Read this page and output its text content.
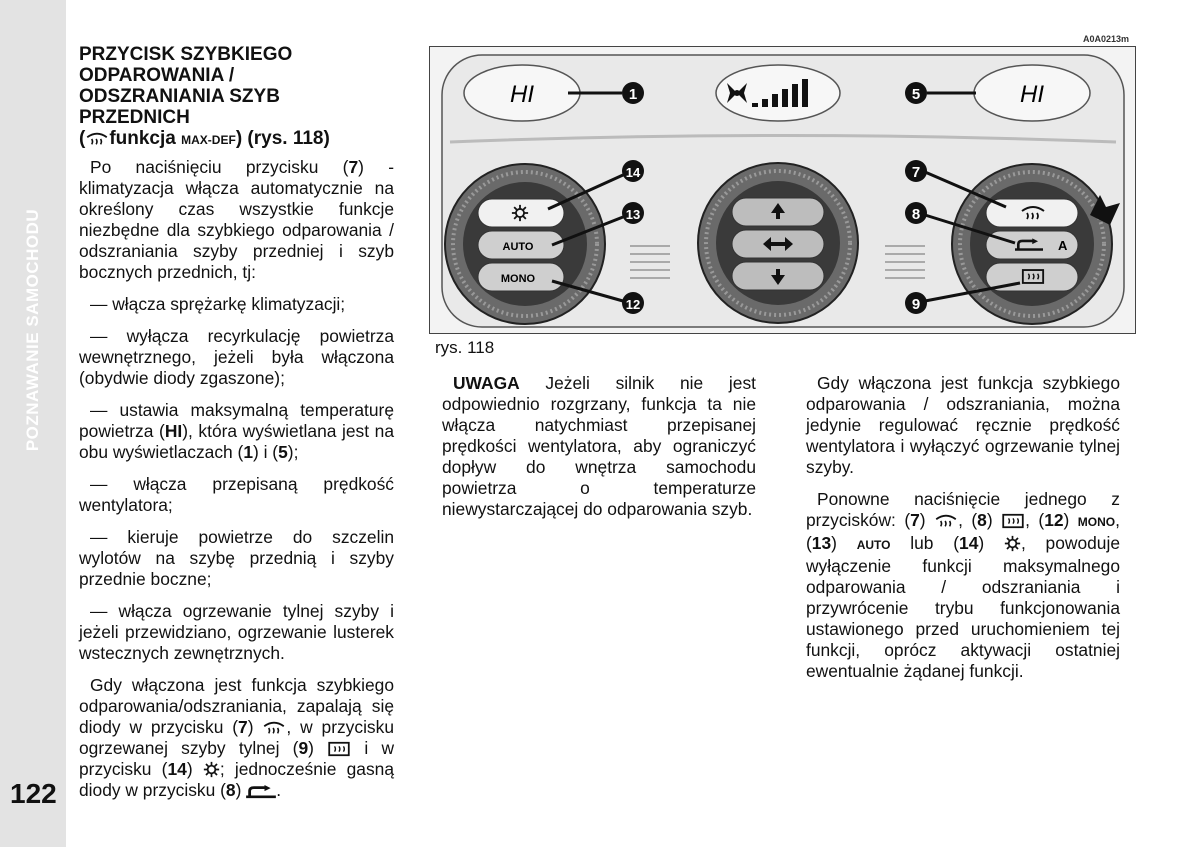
POZNAWANIE SAMOCHODU
122
PRZYCISK SZYBKIEGO
ODPAROWANIA /
ODSZRANIANIA SZYB
PRZEDNICH
( funkcja MAX-DEF) (rys. 118)

Po naciśnięciu przycisku (7) - klimatyzacja włącza automatycznie na określony czas wszystkie funkcje niezbędne dla szybkiego odparowania / odszraniania szyby przedniej i szyb bocznych przednich, tj:

— włącza sprężarkę klimatyzacji;

— wyłącza recyrkulację powietrza wewnętrznego, jeżeli była włączona (obydwie diody zgaszone);

— ustawia maksymalną temperaturę powietrza (HI), która wyświetlana jest na obu wyświetlaczach (1) i (5);

— włącza przepisaną prędkość wentylatora;

— kieruje powietrze do szczelin wylotów na szybę przednią i szyby przednie boczne;

— włącza ogrzewanie tylnej szyby i jeżeli przewidziano, ogrzewanie lusterek wstecznych zewnętrznych.

Gdy włączona jest funkcja szybkiego odparowania/odszraniania, zapalają się diody w przycisku (7) , w przycisku ogrzewanej szyby tylnej (9)  i w przycisku (14) ; jednocześnie gasną diody w przycisku (8) .

A0A0213m
HI	1	HI
5
AUTO
MONO
14
13
12
A
7
8
9
rys. 118

UWAGA Jeżeli silnik nie jest odpowiednio rozgrzany, funkcja ta nie włącza natychmiast przepisanej prędkości wentylatora, aby ograniczyć dopływ do wnętrza samochodu powietrza o temperaturze niewystarczającej do odparowania szyb.

Gdy włączona jest funkcja szybkiego odparowania / odszraniania, można jedynie regulować ręcznie prędkość wentylatora i wyłączyć ogrzewanie tylnej szyby.

Ponowne naciśnięcie jednego z przycisków: (7) , (8) , (12) MONO, (13) AUTO lub (14) , powoduje wyłączenie funkcji maksymalnego odparowania / odszraniania i przywrócenie trybu funkcjonowania ustawionego przed uruchomieniem tej funkcji, oprócz aktywacji ostatniej ewentualnie żądanej funkcji.
